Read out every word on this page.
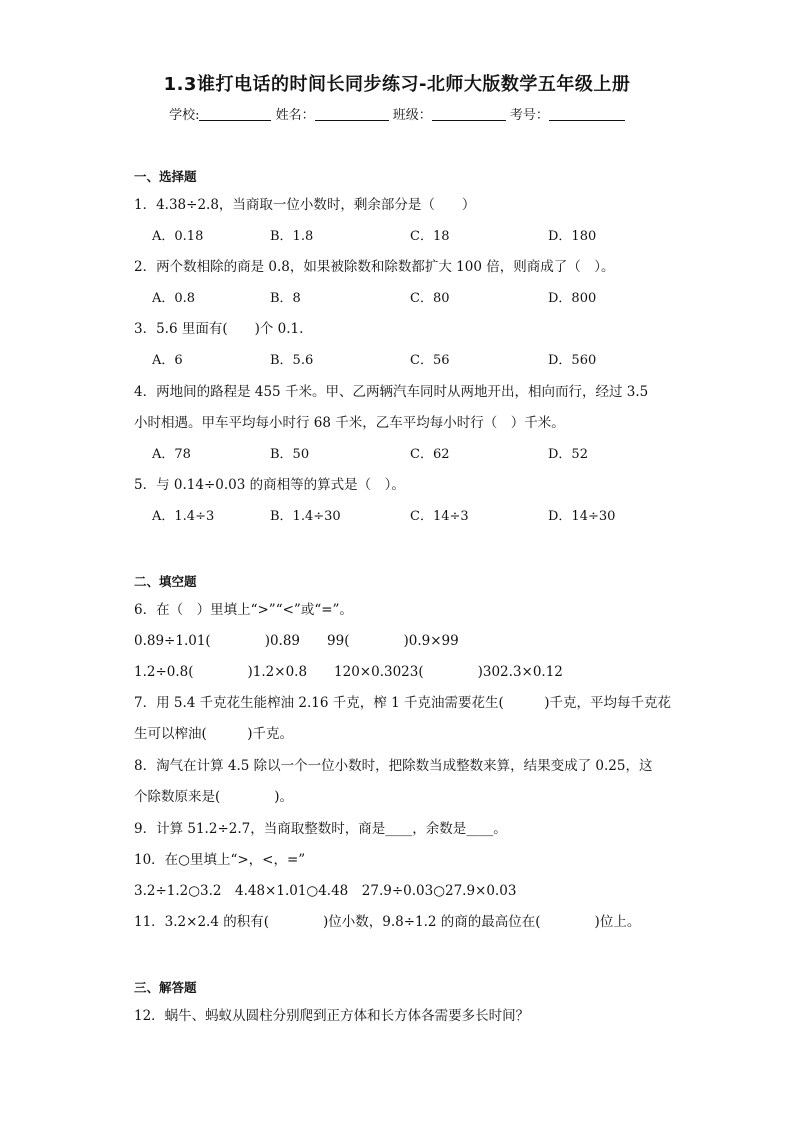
1.3谁打电话的时间长同步练习-北师大版数学五年级上册
学校:	姓名：	班级：	考号：
一、选择题
1．4.38÷2.8，当商取一位小数时，剩余部分是（　　）
A．0.18	B．1.8	C．18	D．180
2．两个数相除的商是 0.8，如果被除数和除数都扩大 100 倍，则商成了（　）。
A．0.8	B．8	C．80	D．800
3．5.6 里面有(　　)个 0.1.
A．6	B．5.6	C．56	D．560
4．两地间的路程是 455 千米。甲、乙两辆汽车同时从两地开出，相向而行，经过 3.5
小时相遇。甲车平均每小时行 68 千米，乙车平均每小时行（　）千米。
A．78	B．50	C．62	D．52
5．与 0.14÷0.03 的商相等的算式是（　）。
A．1.4÷3	B．1.4÷30	C．14÷3	D．14÷30
二、填空题
6．在（　）里填上“>”“<”或“=”。
0.89÷1.01(　　　　)0.89　　99(　　　　)0.9×99
1.2÷0.8(　　　　)1.2×0.8　　120×0.3023(　　　　)302.3×0.12
7．用 5.4 千克花生能榨油 2.16 千克，榨 1 千克油需要花生(　　　)千克，平均每千克花
生可以榨油(　　　)千克。
8．淘气在计算 4.5 除以一个一位小数时，把除数当成整数来算，结果变成了 0.25，这
个除数原来是(　　　　)。
9．计算 51.2÷2.7，当商取整数时，商是____，余数是____。
10．在○里填上“>，<，=”
3.2÷1.2○3.2　4.48×1.01○4.48　27.9÷0.03○27.9×0.03
11．3.2×2.4 的积有(　　　　)位小数，9.8÷1.2 的商的最高位在(　　　　)位上。
三、解答题
12．蜗牛、蚂蚁从圆柱分别爬到正方体和长方体各需要多长时间？
